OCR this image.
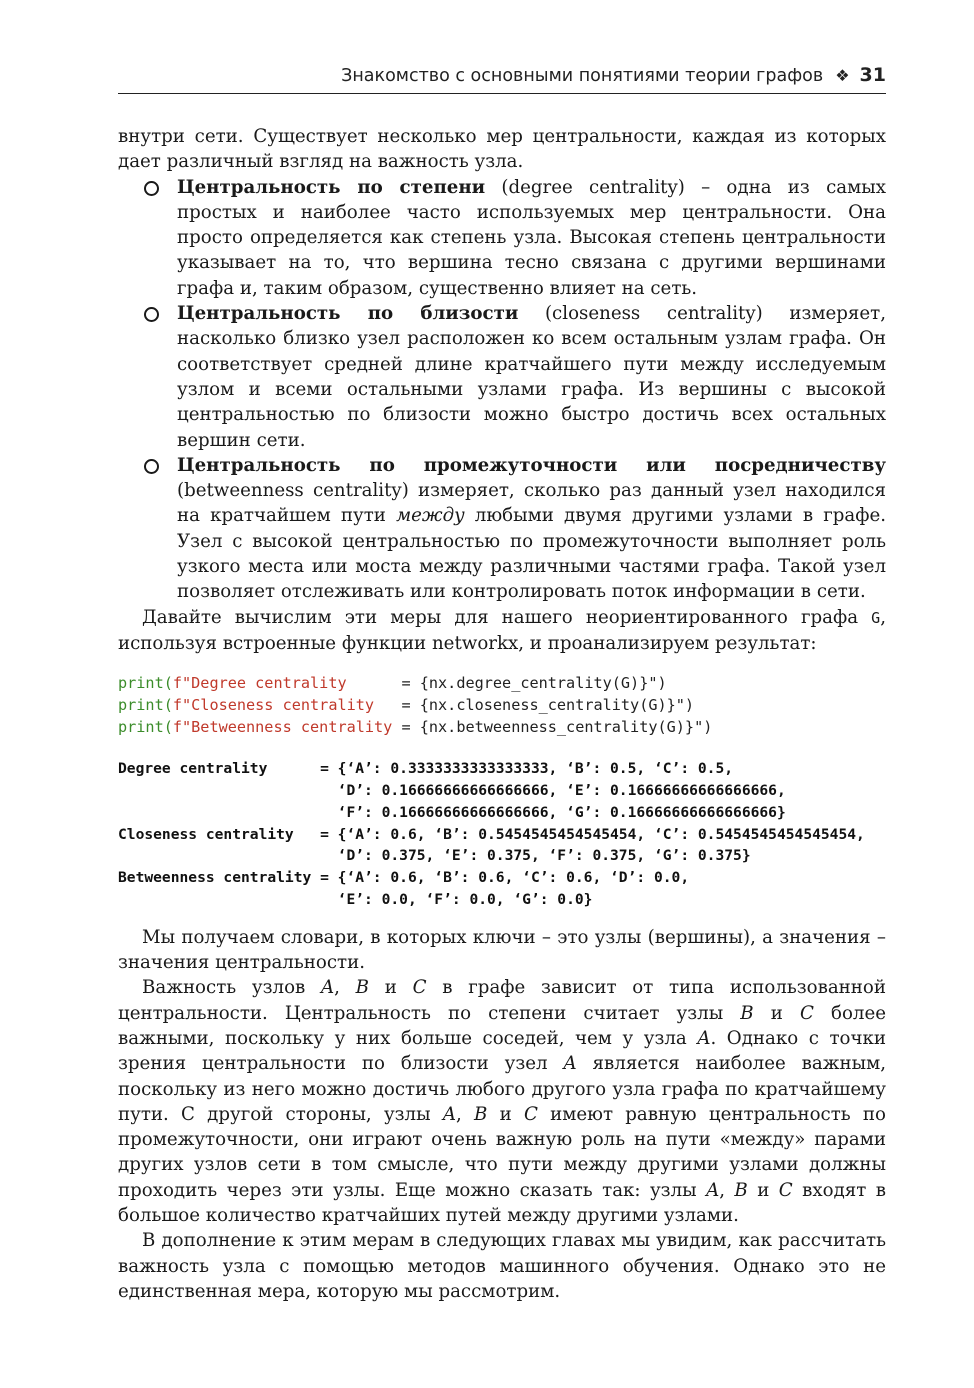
Знакомство с основными понятиями теории графов ❖ 31

внутри сети. Существует несколько мер центральности, каждая из которых дает различный взгляд на важность узла.

Центральность по степени (degree centrality) – одна из самых простых и наиболее часто используемых мер центральности. Она просто определяется как степень узла. Высокая степень центральности указывает на то, что вершина тесно связана с другими вершинами графа и, таким образом, существенно влияет на сеть.
Центральность по близости (closeness centrality) измеряет, насколько близко узел расположен ко всем остальным узлам графа. Он соответствует средней длине кратчайшего пути между исследуемым узлом и всеми остальными узлами графа. Из вершины с высокой центральностью по близости можно быстро достичь всех остальных вершин сети.
Центральность по промежуточности или посредничеству (betweenness centrality) измеряет, сколько раз данный узел находился на кратчайшем пути между любыми двумя другими узлами в графе. Узел с высокой центральностью по промежуточности выполняет роль узкого места или моста между различными частями графа. Такой узел позволяет отслеживать или контролировать поток информации в сети.

Давайте вычислим эти меры для нашего неориентированного графа G, используя встроенные функции networkx, и проанализируем результат:

print(f"Degree centrality      = {nx.degree_centrality(G)}")
print(f"Closeness centrality   = {nx.closeness_centrality(G)}")
print(f"Betweenness centrality = {nx.betweenness_centrality(G)}")
Degree centrality      = {‘A’: 0.3333333333333333, ‘B’: 0.5, ‘C’: 0.5,
‘D’: 0.16666666666666666, ‘E’: 0.16666666666666666,
‘F’: 0.16666666666666666, ‘G’: 0.16666666666666666}
Closeness centrality   = {‘A’: 0.6, ‘B’: 0.5454545454545454, ‘C’: 0.5454545454545454,
‘D’: 0.375, ‘E’: 0.375, ‘F’: 0.375, ‘G’: 0.375}
Betweenness centrality = {‘A’: 0.6, ‘B’: 0.6, ‘C’: 0.6, ‘D’: 0.0,
‘E’: 0.0, ‘F’: 0.0, ‘G’: 0.0}

Мы получаем словари, в которых ключи – это узлы (вершины), а значения – значения центральности.

Важность узлов A, B и C в графе зависит от типа использованной центральности. Центральность по степени считает узлы B и C более важными, поскольку у них больше соседей, чем у узла A. Однако с точки зрения центральности по близости узел A является наиболее важным, поскольку из него можно достичь любого другого узла графа по кратчайшему пути. С другой стороны, узлы A, B и C имеют равную центральность по промежуточности, они играют очень важную роль на пути «между» парами других узлов сети в том смысле, что пути между другими узлами должны проходить через эти узлы. Еще можно сказать так: узлы A, B и C входят в большое количество кратчайших путей между другими узлами.

В дополнение к этим мерам в следующих главах мы увидим, как рассчитать важность узла с помощью методов машинного обучения. Однако это не единственная мера, которую мы рассмотрим.
